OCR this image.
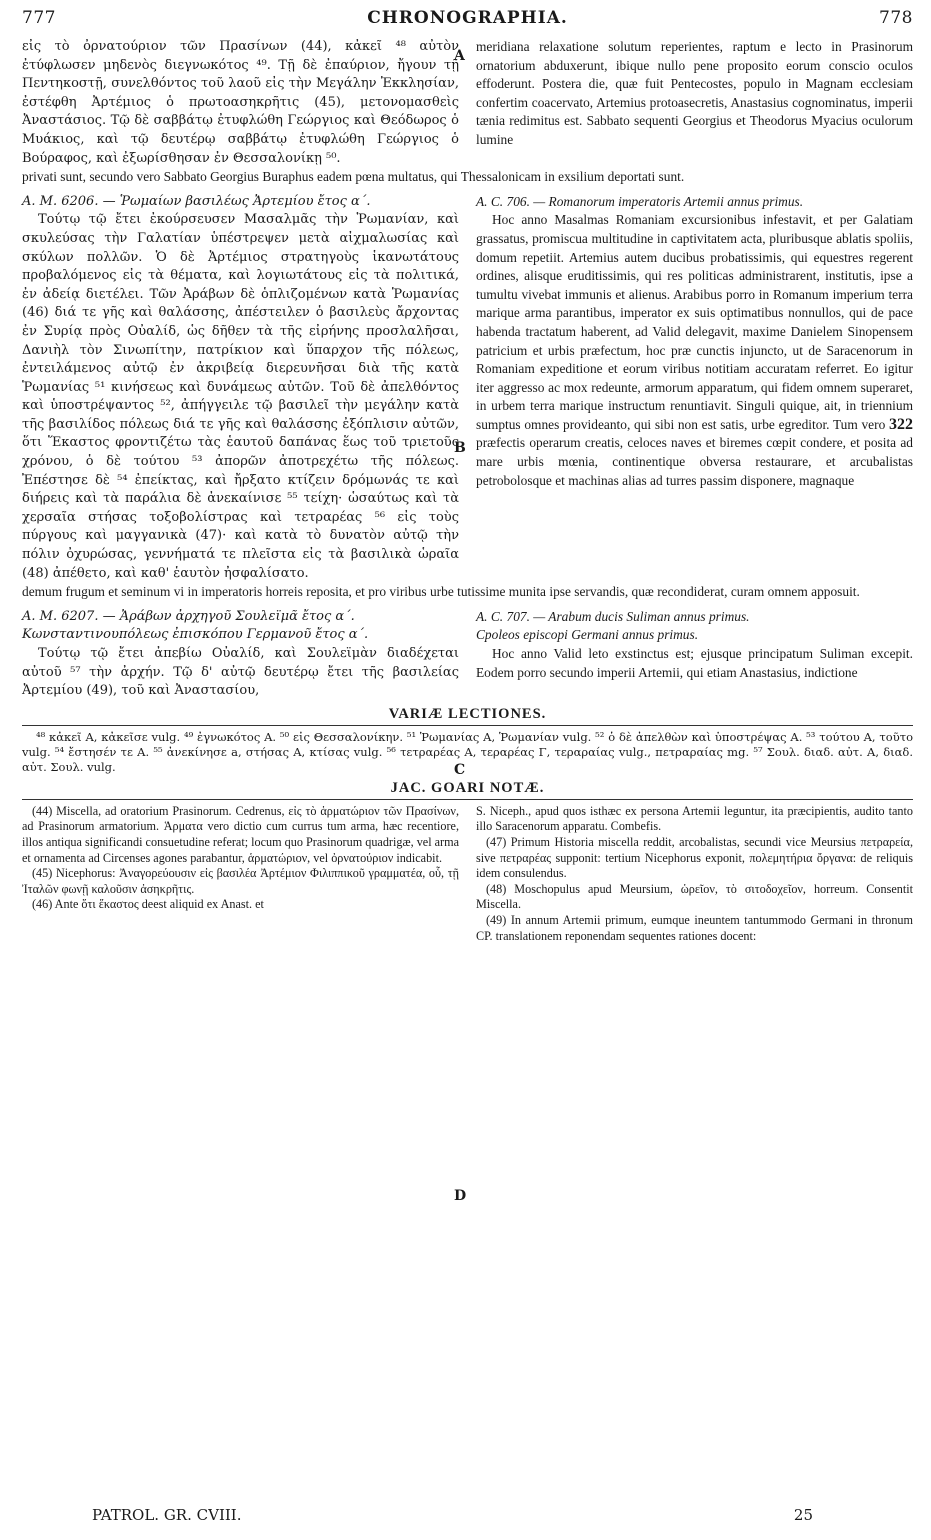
777	CHRONOGRAPHIA.	778

εἰς τὸ ὀρνατούριον τῶν Πρασίνων (44), κἀκεῖ ⁴⁸ αὐτὸν ἐτύφλωσεν μηδενὸς διεγνωκότος ⁴⁹. Τῇ δὲ ἐπαύριον, ἤγουν τῇ Πεντηκοστῇ, συνελθόντος τοῦ λαοῦ εἰς τὴν Μεγάλην Ἐκκλησίαν, ἐστέφθη Ἀρτέμιος ὁ πρωτοασηκρῆτις (45), μετονομασθεὶς Ἀναστάσιος. Τῷ δὲ σαββάτῳ ἐτυφλώθη Γεώργιος καὶ Θεόδωρος ὁ Μυάκιος, καὶ τῷ δευτέρῳ σαββάτῳ ἐτυφλώθη Γεώργιος ὁ Βούραφος, καὶ ἐξωρίσθησαν ἐν Θεσσαλονίκῃ ⁵⁰.

meridiana relaxatione solutum reperientes, raptum e lecto in Prasinorum ornatorium abduxerunt, ibique nullo pene proposito eorum conscio oculos effoderunt. Postera die, quæ fuit Pentecostes, populo in Magnam ecclesiam confertim coacervato, Artemius protoasecretis, Anastasius cognominatus, imperii tænia redimitus est. Sabbato sequenti Georgius et Theodorus Myacius oculorum lumine

privati sunt, secundo vero Sabbato Georgius Buraphus eadem pœna multatus, qui Thessalonicam in exsilium deportati sunt.

A. M. 6206. — Ῥωμαίων βασιλέως Ἀρτεμίου ἔτος α΄.	A. C. 706. — Romanorum imperatoris Artemii annus primus.

Τούτῳ τῷ ἔτει ἐκούρσευσεν Μασαλμᾶς τὴν Ῥωμανίαν, καὶ σκυλεύσας τὴν Γαλατίαν ὑπέστρεψεν μετὰ αἰχμαλωσίας καὶ σκύλων πολλῶν. Ὁ δὲ Ἀρτέμιος στρατηγοὺς ἱκανωτάτους προβαλόμενος εἰς τὰ θέματα, καὶ λογιωτάτους εἰς τὰ πολιτικά, ἐν ἀδείᾳ διετέλει. Τῶν Ἀράβων δὲ ὁπλιζομένων κατὰ Ῥωμανίας (46) διά τε γῆς καὶ θαλάσσης, ἀπέστειλεν ὁ βασιλεὺς ἄρχοντας ἐν Συρίᾳ πρὸς Οὐαλίδ, ὡς δῆθεν τὰ τῆς εἰρήνης προσλαλῆσαι, Δανιὴλ τὸν Σινωπίτην, πατρίκιον καὶ ὕπαρχον τῆς πόλεως, ἐντειλάμενος αὐτῷ ἐν ἀκριβείᾳ διερευνῆσαι διὰ τῆς κατὰ Ῥωμανίας ⁵¹ κινήσεως καὶ δυνάμεως αὐτῶν. Τοῦ δὲ ἀπελθόντος καὶ ὑποστρέψαντος ⁵², ἀπήγγειλε τῷ βασιλεῖ τὴν μεγάλην κατὰ τῆς βασιλίδος πόλεως διά τε γῆς καὶ θαλάσσης ἐξόπλισιν αὐτῶν, ὅτι Ἕκαστος φροντιζέτω τὰς ἑαυτοῦ δαπάνας ἕως τοῦ τριετοῦς χρόνου, ὁ δὲ τούτου ⁵³ ἀπορῶν ἀποτρεχέτω τῆς πόλεως. Ἐπέστησε δὲ ⁵⁴ ἐπείκτας, καὶ ἤρξατο κτίζειν δρόμωνάς τε καὶ διήρεις καὶ τὰ παράλια δὲ ἀνεκαίνισε ⁵⁵ τείχη· ὡσαύτως καὶ τὰ χερσαῖα στήσας τοξοβολίστρας καὶ τετραρέας ⁵⁶ εἰς τοὺς πύργους καὶ μαγγανικὰ (47)· καὶ κατὰ τὸ δυνατὸν αὐτῷ τὴν πόλιν ὀχυρώσας, γεννήματά τε πλεῖστα εἰς τὰ βασιλικὰ ὡραῖα (48) ἀπέθετο, καὶ καθ' ἑαυτὸν ἠσφαλίσατο.

Hoc anno Masalmas Romaniam excursionibus infestavit, et per Galatiam grassatus, promiscua multitudine in captivitatem acta, pluribusque ablatis spoliis, domum repetiit. Artemius autem ducibus probatissimis, qui equestres regerent ordines, alisque eruditissimis, qui res politicas administrarent, institutis, ipse a tumultu vivebat immunis et alienus. Arabibus porro in Romanum imperium terra marique arma parantibus, imperator ex suis optimatibus nonnullos, qui de pace habenda tractatum haberent, ad Valid delegavit, maxime Danielem Sinopensem patricium et urbis præfectum, hoc præ cunctis injuncto, ut de Saracenorum in Romaniam expeditione et eorum viribus notitiam accuratam referret. Eo igitur iter aggresso ac mox redeunte, armorum apparatum, qui fidem omnem superaret, in urbem terra marique instructum renuntiavit. Singuli quique, ait, in triennium sumptus omnes provideanto, qui sibi non est satis, urbe egreditor. Tum vero 322 præfectis operarum creatis, celoces naves et biremes cœpit condere, et posita ad mare urbis mœnia, continentique obversa restaurare, et arcubalistas petrobolosque et machinas alias ad turres passim disponere, magnaque

demum frugum et seminum vi in imperatoris horreis reposita, et pro viribus urbe tutissime munita ipse servandis, quæ recondiderat, curam omnem apposuit.

A. M. 6207. — Ἀράβων ἀρχηγοῦ Σουλεϊμᾶ ἔτος α΄.
Κωνσταντινουπόλεως ἐπισκόπου Γερμανοῦ ἔτος α΄.
A. C. 707. — Arabum ducis Suliman annus primus.
Cpoleos episcopi Germani annus primus.

Τούτῳ τῷ ἔτει ἀπεβίω Οὐαλίδ, καὶ Σουλεϊμὰν διαδέχεται αὐτοῦ ⁵⁷ τὴν ἀρχήν. Τῷ δ' αὐτῷ δευτέρῳ ἔτει τῆς βασιλείας Ἀρτεμίου (49), τοῦ καὶ Ἀναστασίου,

Hoc anno Valid leto exstinctus est; ejusque principatum Suliman excepit. Eodem porro secundo imperii Artemii, qui etiam Anastasius, indictione

VARIÆ LECTIONES.

⁴⁸ κἀκεῖ A, κἀκεῖσε vulg. ⁴⁹ ἐγνωκότος A. ⁵⁰ εἰς Θεσσαλονίκην. ⁵¹ Ῥωμανίας A, Ῥωμανίαν vulg. ⁵² ὁ δὲ ἀπελθὼν καὶ ὑποστρέψας A. ⁵³ τούτου A, τοῦτο vulg. ⁵⁴ ἔστησέν τε A. ⁵⁵ ἀνεκίνησε a, στήσας A, κτίσας vulg. ⁵⁶ τετραρέας A, τεραρέας Γ, τεραραίας vulg., πετραραίας mg. ⁵⁷ Σουλ. διαδ. αὐτ. A, διαδ. αὐτ. Σουλ. vulg.

JAC. GOARI NOTÆ.

(44) Miscella, ad oratorium Prasinorum. Cedrenus, εἰς τὸ ἁρματώριον τῶν Πρασίνων, ad Prasinorum armatorium. Ἁρματα vero dictio cum currus tum arma, hæc recentiore, illos antiqua significandi consuetudine referat; locum quo Prasinorum quadrigæ, vel arma et ornamenta ad Circenses agones parabantur, ἁρματώριον, vel ὀρνατούριον indicabit.

(45) Nicephorus: Ἀναγορεύουσιν εἰς βασιλέα Ἀρτέμιον Φιλιππικοῦ γραμματέα, οὗ, τῇ Ἰταλῶν φωνῇ καλοῦσιν ἀσηκρῆτις.

(46) Ante ὅτι ἕκαστος deest aliquid ex Anast. et

S. Niceph., apud quos isthæc ex persona Artemii leguntur, ita præcipientis, audito tanto illo Saracenorum apparatu. Combefis.

(47) Primum Historia miscella reddit, arcobalistas, secundi vice Meursius πετραρεία, sive πετραρέας supponit: tertium Nicephorus exponit, πολεμητήρια ὄργανα: de reliquis idem consulendus.

(48) Moschopulus apud Meursium, ὡρεῖον, τὸ σιτοδοχεῖον, horreum. Consentit Miscella.

(49) In annum Artemii primum, eumque ineuntem tantummodo Germani in thronum CP. translationem reponendam sequentes rationes docent:

PATROL. GR. CVIII.	25
A
B
C
D
